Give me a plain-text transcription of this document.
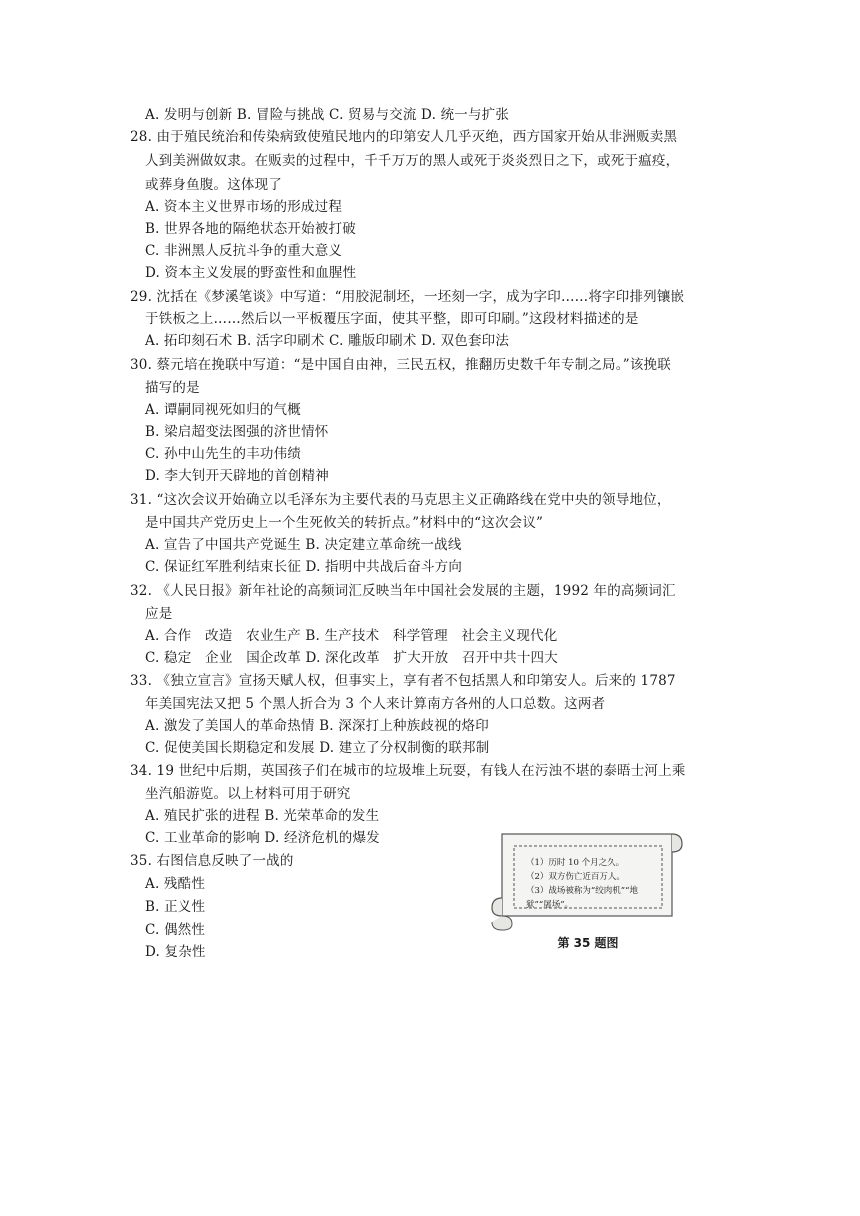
A. 发明与创新 B. 冒险与挑战 C. 贸易与交流 D. 统一与扩张
28. 由于殖民统治和传染病致使殖民地内的印第安人几乎灭绝，西方国家开始从非洲贩卖黑
人到美洲做奴隶。在贩卖的过程中，千千万万的黑人或死于炎炎烈日之下，或死于瘟疫，
或葬身鱼腹。这体现了
A. 资本主义世界市场的形成过程
B. 世界各地的隔绝状态开始被打破
C. 非洲黑人反抗斗争的重大意义
D. 资本主义发展的野蛮性和血腥性
29. 沈括在《梦溪笔谈》中写道：“用胶泥制坯，一坯刻一字，成为字印……将字印排列镶嵌
于铁板之上……然后以一平板覆压字面，使其平整，即可印刷。”这段材料描述的是
A. 拓印刻石术 B. 活字印刷术 C. 雕版印刷术 D. 双色套印法
30. 蔡元培在挽联中写道：“是中国自由神，三民五权，推翻历史数千年专制之局。”该挽联
描写的是
A. 谭嗣同视死如归的气概
B. 梁启超变法图强的济世情怀
C. 孙中山先生的丰功伟绩
D. 李大钊开天辟地的首创精神
31. “这次会议开始确立以毛泽东为主要代表的马克思主义正确路线在党中央的领导地位，
是中国共产党历史上一个生死攸关的转折点。”材料中的“这次会议”
A. 宣告了中国共产党诞生 B. 决定建立革命统一战线
C. 保证红军胜利结束长征 D. 指明中共战后奋斗方向
32. 《人民日报》新年社论的高频词汇反映当年中国社会发展的主题，1992 年的高频词汇
应是
A. 合作　改造　农业生产 B. 生产技术　科学管理　社会主义现代化
C. 稳定　企业　国企改革 D. 深化改革　扩大开放　召开中共十四大
33. 《独立宣言》宣扬天赋人权，但事实上，享有者不包括黑人和印第安人。后来的 1787
年美国宪法又把 5 个黑人折合为 3 个人来计算南方各州的人口总数。这两者
A. 激发了美国人的革命热情 B. 深深打上种族歧视的烙印
C. 促使美国长期稳定和发展 D. 建立了分权制衡的联邦制
34. 19 世纪中后期，英国孩子们在城市的垃圾堆上玩耍，有钱人在污浊不堪的泰晤士河上乘
坐汽船游览。以上材料可用于研究
A. 殖民扩张的进程 B. 光荣革命的发生
C. 工业革命的影响 D. 经济危机的爆发
35. 右图信息反映了一战的
A. 残酷性
B. 正义性
C. 偶然性
D. 复杂性
（1）历时 10 个月之久。
（2）双方伤亡近百万人。
（3）战场被称为“绞肉机”“地
狱”“屠场”。
第 35 题图
